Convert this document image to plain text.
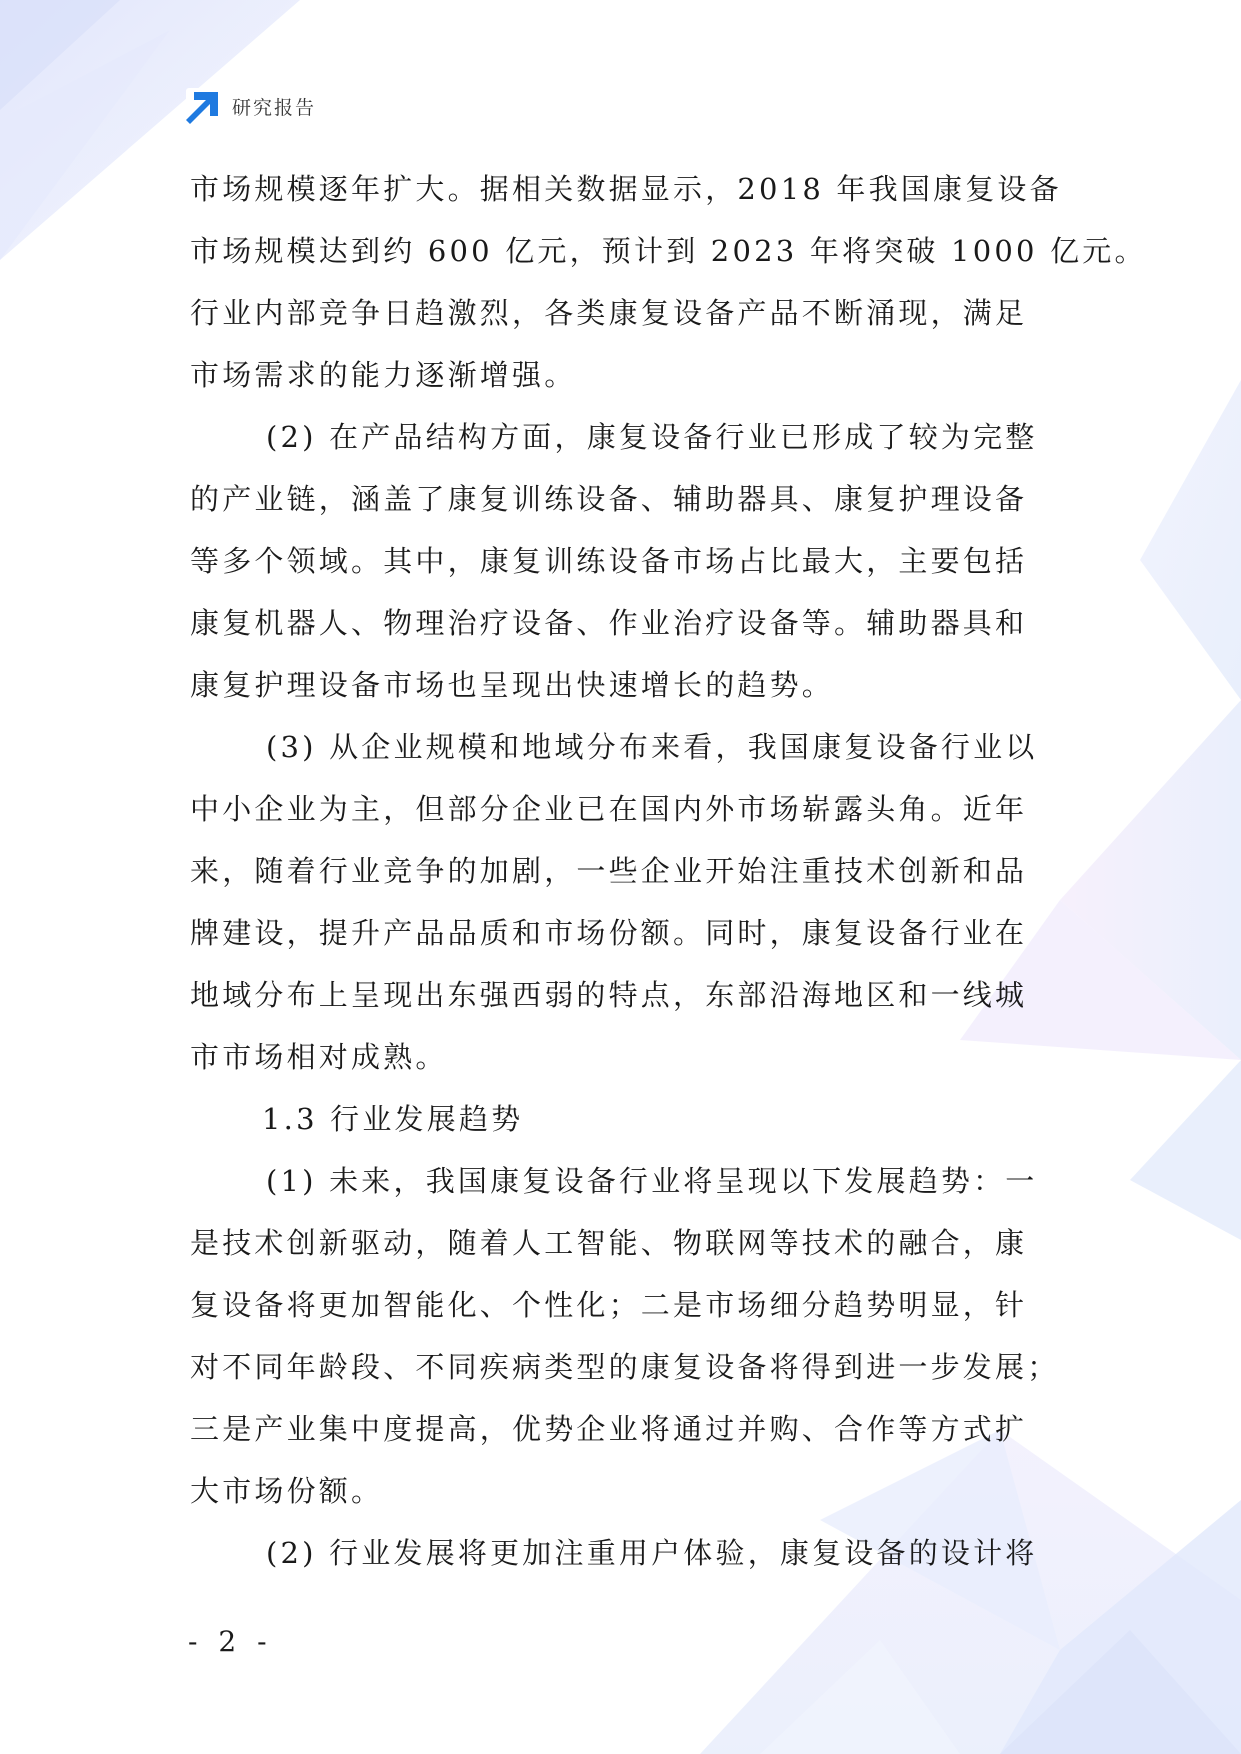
研究报告
市场规模逐年扩大。据相关数据显示，2018 年我国康复设备
市场规模达到约 600 亿元，预计到 2023 年将突破 1000 亿元。
行业内部竞争日趋激烈，各类康复设备产品不断涌现，满足
市场需求的能力逐渐增强。
(2) 在产品结构方面，康复设备行业已形成了较为完整
的产业链，涵盖了康复训练设备、辅助器具、康复护理设备
等多个领域。其中，康复训练设备市场占比最大，主要包括
康复机器人、物理治疗设备、作业治疗设备等。辅助器具和
康复护理设备市场也呈现出快速增长的趋势。
(3) 从企业规模和地域分布来看，我国康复设备行业以
中小企业为主，但部分企业已在国内外市场崭露头角。近年
来，随着行业竞争的加剧，一些企业开始注重技术创新和品
牌建设，提升产品品质和市场份额。同时，康复设备行业在
地域分布上呈现出东强西弱的特点，东部沿海地区和一线城
市市场相对成熟。
1.3 行业发展趋势
(1) 未来，我国康复设备行业将呈现以下发展趋势：一
是技术创新驱动，随着人工智能、物联网等技术的融合，康
复设备将更加智能化、个性化；二是市场细分趋势明显，针
对不同年龄段、不同疾病类型的康复设备将得到进一步发展；
三是产业集中度提高，优势企业将通过并购、合作等方式扩
大市场份额。
(2) 行业发展将更加注重用户体验，康复设备的设计将
- 2 -
